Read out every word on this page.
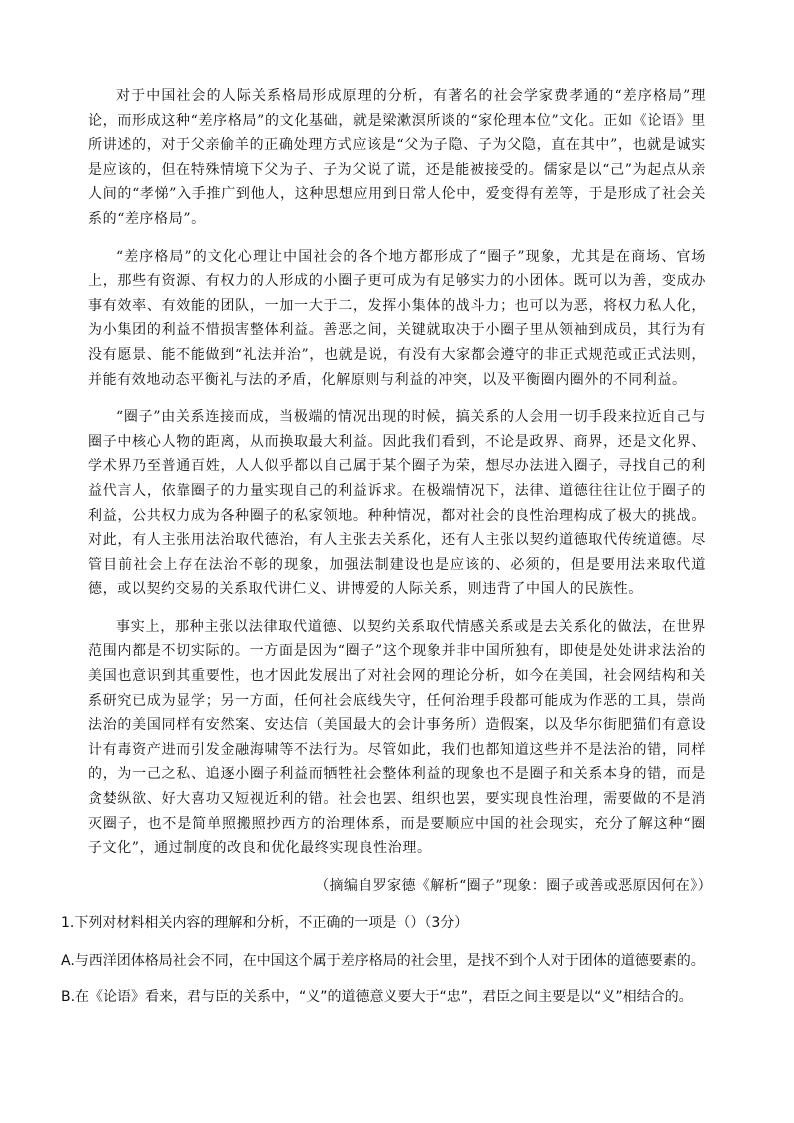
对于中国社会的人际关系格局形成原理的分析，有著名的社会学家费孝通的“差序格局”理论，而形成这种“差序格局”的文化基础，就是梁漱溟所谈的“家伦理本位”文化。正如《论语》里所讲述的，对于父亲偷羊的正确处理方式应该是“父为子隐、子为父隐，直在其中”，也就是诚实是应该的，但在特殊情境下父为子、子为父说了谎，还是能被接受的。儒家是以“己”为起点从亲人间的“孝悌”入手推广到他人，这种思想应用到日常人伦中，爱变得有差等，于是形成了社会关系的“差序格局”。

“差序格局”的文化心理让中国社会的各个地方都形成了“圈子”现象，尤其是在商场、官场上，那些有资源、有权力的人形成的小圈子更可成为有足够实力的小团体。既可以为善，变成办事有效率、有效能的团队，一加一大于二，发挥小集体的战斗力；也可以为恶，将权力私人化，为小集团的利益不惜损害整体利益。善恶之间，关键就取决于小圈子里从领袖到成员，其行为有没有愿景、能不能做到“礼法并治”，也就是说，有没有大家都会遵守的非正式规范或正式法则，并能有效地动态平衡礼与法的矛盾，化解原则与利益的冲突，以及平衡圈内圈外的不同利益。

“圈子”由关系连接而成，当极端的情况出现的时候，搞关系的人会用一切手段来拉近自己与圈子中核心人物的距离，从而换取最大利益。因此我们看到，不论是政界、商界，还是文化界、学术界乃至普通百姓，人人似乎都以自己属于某个圈子为荣，想尽办法进入圈子，寻找自己的利益代言人，依靠圈子的力量实现自己的利益诉求。在极端情况下，法律、道德往往让位于圈子的利益，公共权力成为各种圈子的私家领地。种种情况，都对社会的良性治理构成了极大的挑战。对此，有人主张用法治取代德治，有人主张去关系化，还有人主张以契约道德取代传统道德。尽管目前社会上存在法治不彰的现象，加强法制建设也是应该的、必须的，但是要用法来取代道德，或以契约交易的关系取代讲仁义、讲博爱的人际关系，则违背了中国人的民族性。

事实上，那种主张以法律取代道德、以契约关系取代情感关系或是去关系化的做法，在世界范围内都是不切实际的。一方面是因为“圈子”这个现象并非中国所独有，即使是处处讲求法治的美国也意识到其重要性，也才因此发展出了对社会网的理论分析，如今在美国，社会网结构和关系研究已成为显学；另一方面，任何社会底线失守，任何治理手段都可能成为作恶的工具，崇尚法治的美国同样有安然案、安达信（美国最大的会计事务所）造假案，以及华尔街肥猫们有意设计有毒资产进而引发金融海啸等不法行为。尽管如此，我们也都知道这些并不是法治的错，同样的，为一己之私、追逐小圈子利益而牺牲社会整体利益的现象也不是圈子和关系本身的错，而是贪婪纵欲、好大喜功又短视近利的错。社会也罢、组织也罢，要实现良性治理，需要做的不是消灭圈子，也不是简单照搬照抄西方的治理体系，而是要顺应中国的社会现实，充分了解这种“圈子文化”，通过制度的改良和优化最终实现良性治理。

（摘编自罗家德《解析“圈子”现象：圈子或善或恶原因何在》）
1.下列对材料相关内容的理解和分析，不正确的一项是（）（3分）
A.与西洋团体格局社会不同，在中国这个属于差序格局的社会里，是找不到个人对于团体的道德要素的。
B.在《论语》看来，君与臣的关系中，“义”的道德意义要大于“忠”，君臣之间主要是以“义”相结合的。
